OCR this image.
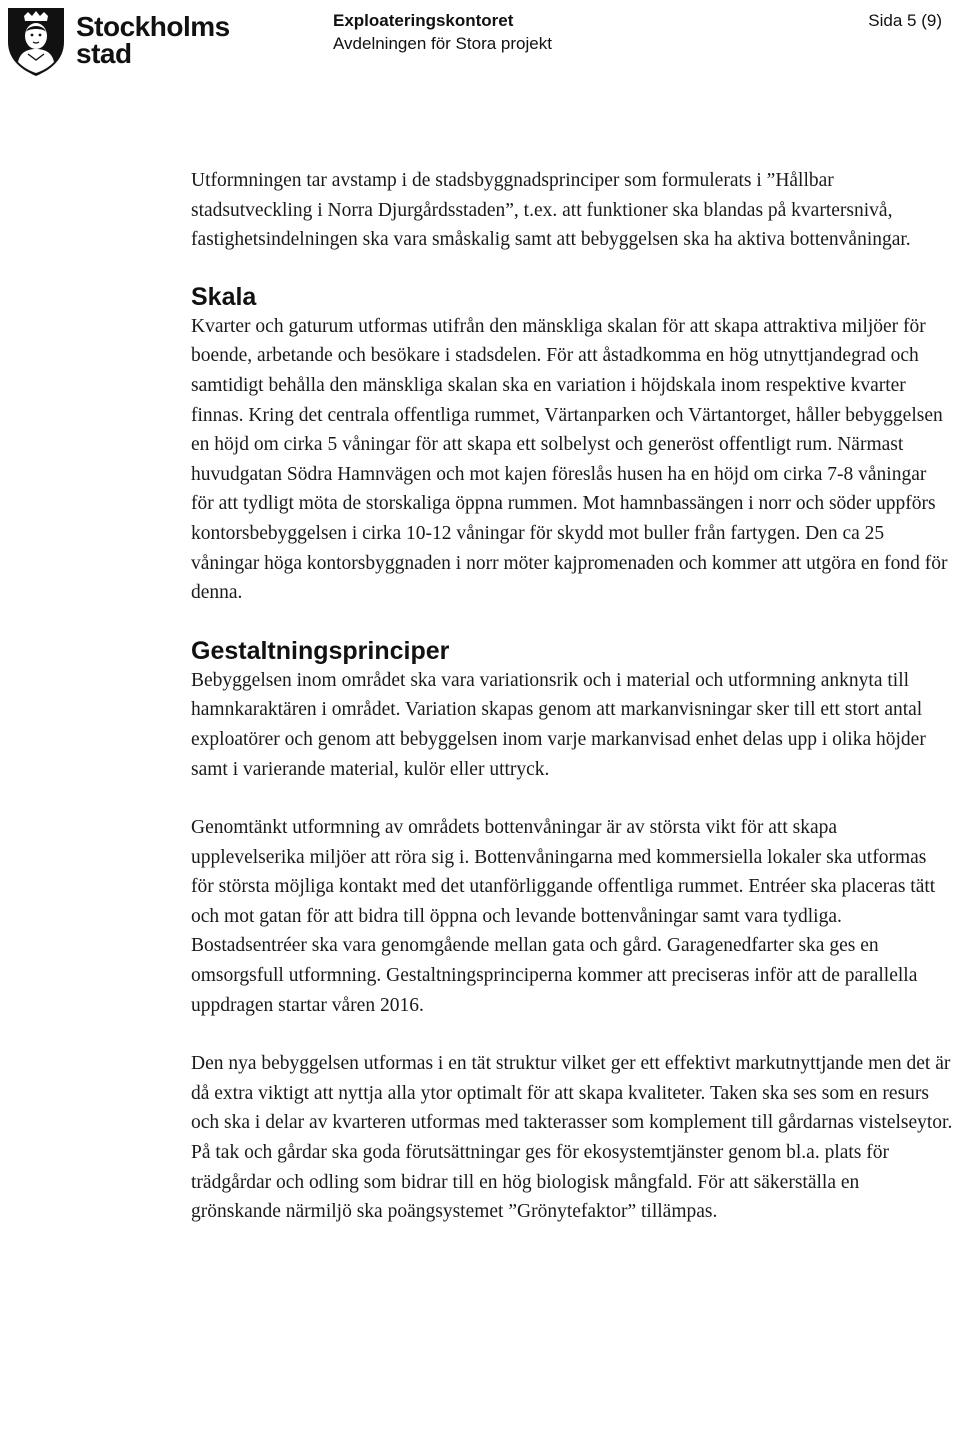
Stockholms
stad
Exploateringskontoret
Avdelningen för Stora projekt
Sida 5 (9)

Utformningen tar avstamp i de stadsbyggnadsprinciper som formulerats i ”Hållbar stadsutveckling i Norra Djurgårdsstaden”, t.ex. att funktioner ska blandas på kvartersnivå, fastighetsindelningen ska vara småskalig samt att bebyggelsen ska ha aktiva bottenvåningar.

Skala

Kvarter och gaturum utformas utifrån den mänskliga skalan för att skapa attraktiva miljöer för boende, arbetande och besökare i stadsdelen. För att åstadkomma en hög utnyttjandegrad och samtidigt behålla den mänskliga skalan ska en variation i höjdskala inom respektive kvarter finnas. Kring det centrala offentliga rummet, Värtanparken och Värtantorget, håller bebyggelsen en höjd om cirka 5 våningar för att skapa ett solbelyst och generöst offentligt rum. Närmast huvudgatan Södra Hamnvägen och mot kajen föreslås husen ha en höjd om cirka 7-8 våningar för att tydligt möta de storskaliga öppna rummen. Mot hamnbassängen i norr och söder uppförs kontorsbebyggelsen i cirka 10-12 våningar för skydd mot buller från fartygen. Den ca 25 våningar höga kontorsbyggnaden i norr möter kajpromenaden och kommer att utgöra en fond för denna.

Gestaltningsprinciper

Bebyggelsen inom området ska vara variationsrik och i material och utformning anknyta till hamnkaraktären i området. Variation skapas genom att markanvisningar sker till ett stort antal exploatörer och genom att bebyggelsen inom varje markanvisad enhet delas upp i olika höjder samt i varierande material, kulör eller uttryck.

Genomtänkt utformning av områdets bottenvåningar är av största vikt för att skapa upplevelserika miljöer att röra sig i. Bottenvåningarna med kommersiella lokaler ska utformas för största möjliga kontakt med det utanförliggande offentliga rummet. Entréer ska placeras tätt och mot gatan för att bidra till öppna och levande bottenvåningar samt vara tydliga. Bostadsentréer ska vara genomgående mellan gata och gård. Garagenedfarter ska ges en omsorgsfull utformning. Gestaltningsprinciperna kommer att preciseras inför att de parallella uppdragen startar våren 2016.

Den nya bebyggelsen utformas i en tät struktur vilket ger ett effektivt markutnyttjande men det är då extra viktigt att nyttja alla ytor optimalt för att skapa kvaliteter. Taken ska ses som en resurs och ska i delar av kvarteren utformas med takterasser som komplement till gårdarnas vistelseytor. På tak och gårdar ska goda förutsättningar ges för ekosystemtjänster genom bl.a. plats för trädgårdar och odling som bidrar till en hög biologisk mångfald. För att säkerställa en grönskande närmiljö ska poängsystemet ”Grönytefaktor” tillämpas.
